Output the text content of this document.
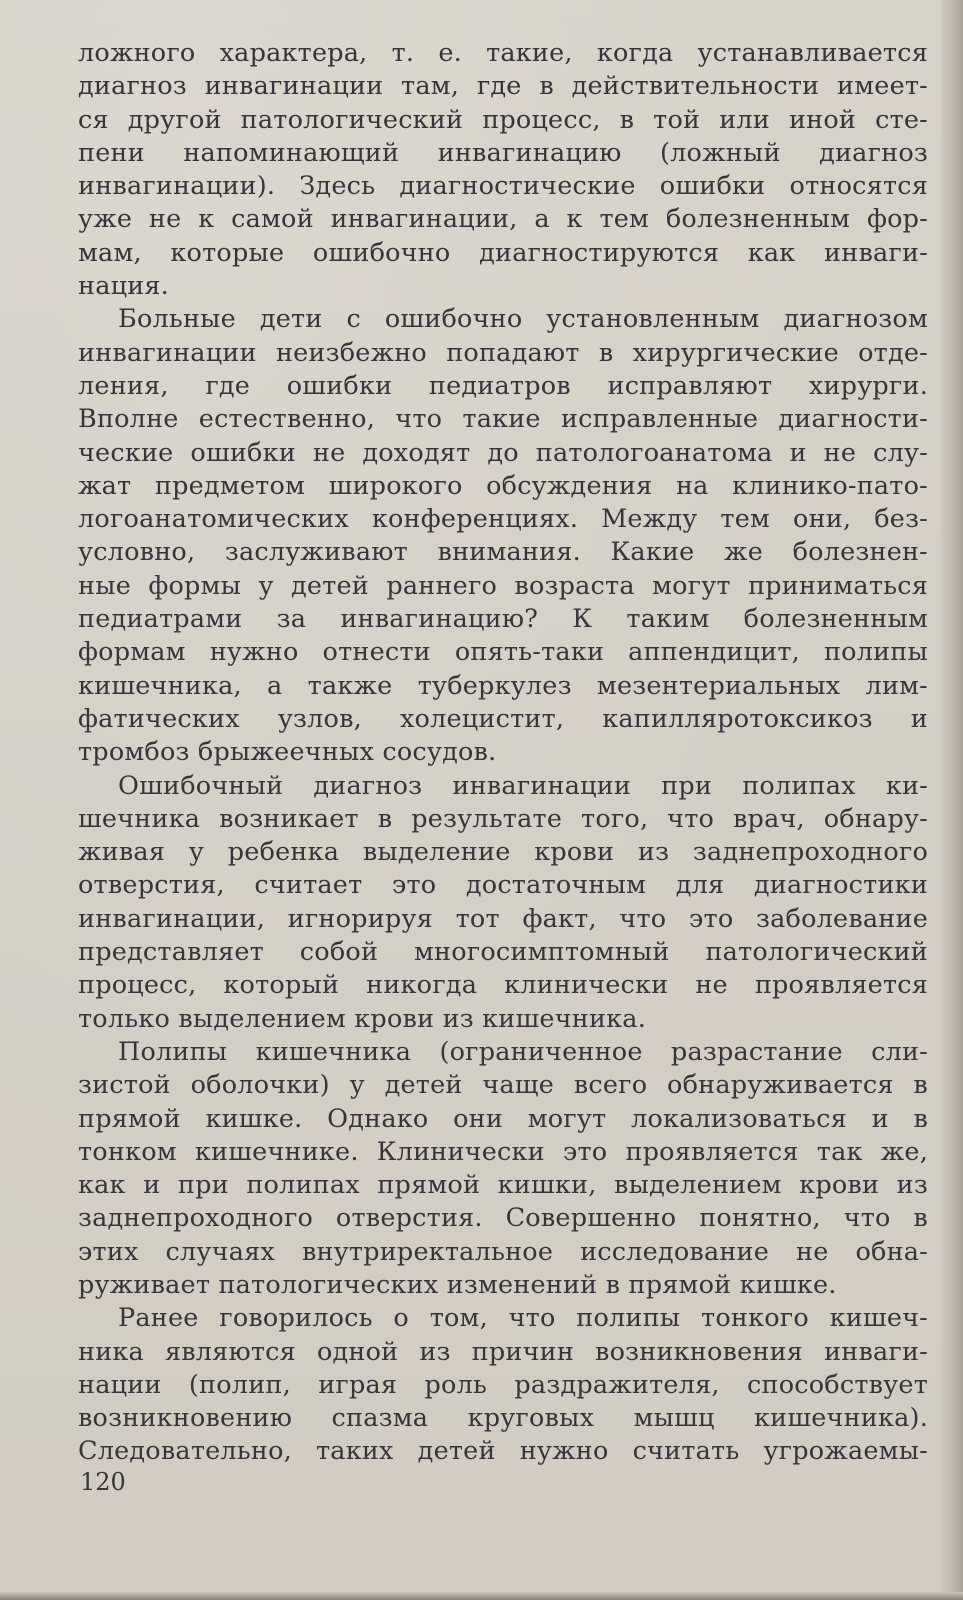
ложного характера, т. е. такие, когда устанавливается
диагноз инвагинации там, где в действительности имеет-
ся другой патологический процесс, в той или иной сте-
пени напоминающий инвагинацию (ложный диагноз
инвагинации). Здесь диагностические ошибки относятся
уже не к самой инвагинации, а к тем болезненным фор-
мам, которые ошибочно диагностируются как инваги-
нация.
Больные дети с ошибочно установленным диагнозом
инвагинации неизбежно попадают в хирургические отде-
ления, где ошибки педиатров исправляют хирурги.
Вполне естественно, что такие исправленные диагности-
ческие ошибки не доходят до патологоанатома и не слу-
жат предметом широкого обсуждения на клинико-пато-
логоанатомических конференциях. Между тем они, без-
условно, заслуживают внимания. Какие же болезнен-
ные формы у детей раннего возраста могут приниматься
педиатрами за инвагинацию? К таким болезненным
формам нужно отнести опять-таки аппендицит, полипы
кишечника, а также туберкулез мезентериальных лим-
фатических узлов, холецистит, капилляротоксикоз и
тромбоз брыжеечных сосудов.
Ошибочный диагноз инвагинации при полипах ки-
шечника возникает в результате того, что врач, обнару-
живая у ребенка выделение крови из заднепроходного
отверстия, считает это достаточным для диагностики
инвагинации, игнорируя тот факт, что это заболевание
представляет собой многосимптомный патологический
процесс, который никогда клинически не проявляется
только выделением крови из кишечника.
Полипы кишечника (ограниченное разрастание сли-
зистой оболочки) у детей чаще всего обнаруживается в
прямой кишке. Однако они могут локализоваться и в
тонком кишечнике. Клинически это проявляется так же,
как и при полипах прямой кишки, выделением крови из
заднепроходного отверстия. Совершенно понятно, что в
этих случаях внутриректальное исследование не обна-
руживает патологических изменений в прямой кишке.
Ранее говорилось о том, что полипы тонкого кишеч-
ника являются одной из причин возникновения инваги-
нации (полип, играя роль раздражителя, способствует
возникновению спазма круговых мышц кишечника).
Следовательно, таких детей нужно считать угрожаемы-
120
